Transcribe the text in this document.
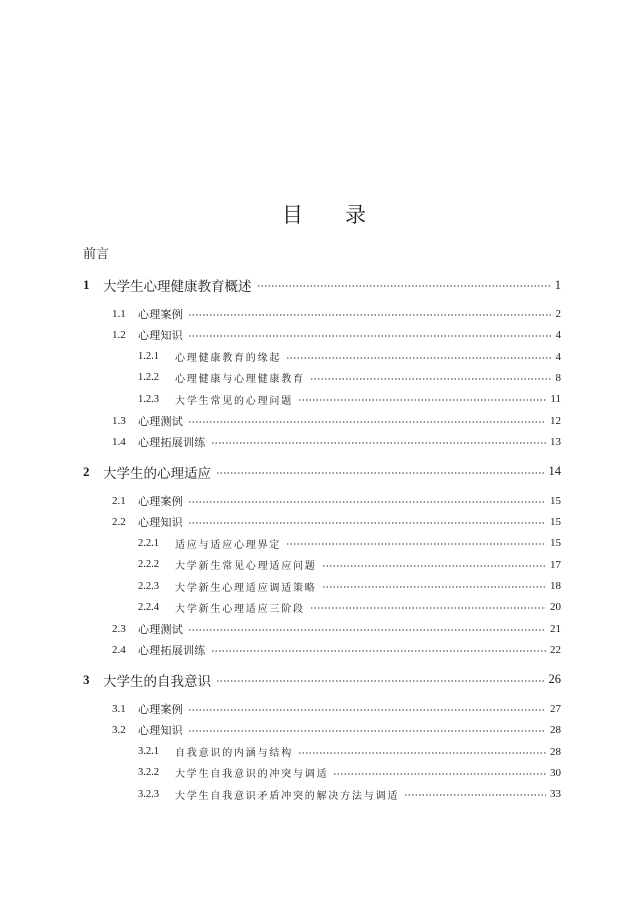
目　录
前言
1	大学生心理健康教育概述	1
1.1	心理案例	2
1.2	心理知识	4
1.2.1	心理健康教育的缘起	4
1.2.2	心理健康与心理健康教育	8
1.2.3	大学生常见的心理问题	11
1.3	心理测试	12
1.4	心理拓展训练	13
2	大学生的心理适应	14
2.1	心理案例	15
2.2	心理知识	15
2.2.1	适应与适应心理界定	15
2.2.2	大学新生常见心理适应问题	17
2.2.3	大学新生心理适应调适策略	18
2.2.4	大学新生心理适应三阶段	20
2.3	心理测试	21
2.4	心理拓展训练	22
3	大学生的自我意识	26
3.1	心理案例	27
3.2	心理知识	28
3.2.1	自我意识的内涵与结构	28
3.2.2	大学生自我意识的冲突与调适	30
3.2.3	大学生自我意识矛盾冲突的解决方法与调适	33
